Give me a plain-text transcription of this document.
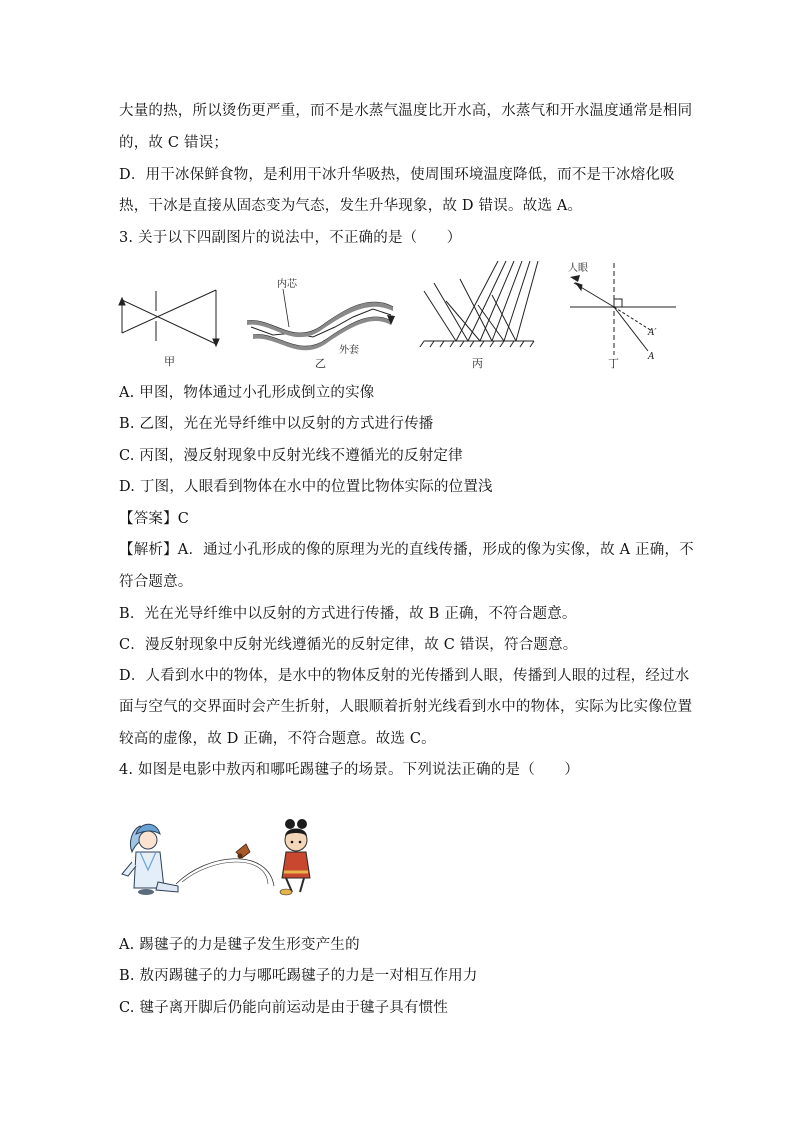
大量的热，所以烫伤更严重，而不是水蒸气温度比开水高，水蒸气和开水温度通常是相同
的，故 C 错误；
D．用干冰保鲜食物，是利用干冰升华吸热，使周围环境温度降低，而不是干冰熔化吸
热，干冰是直接从固态变为气态，发生升华现象，故 D 错误。故选 A。
3. 关于以下四副图片的说法中，不正确的是（　　）
甲
内芯
外套
乙	丙
人眼
A′
A
丁
A. 甲图，物体通过小孔形成倒立的实像
B. 乙图，光在光导纤维中以反射的方式进行传播
C. 丙图，漫反射现象中反射光线不遵循光的反射定律
D. 丁图，人眼看到物体在水中的位置比物体实际的位置浅
【答案】C
【解析】A．通过小孔形成的像的原理为光的直线传播，形成的像为实像，故 A 正确，不
符合题意。
B．光在光导纤维中以反射的方式进行传播，故 B 正确，不符合题意。
C．漫反射现象中反射光线遵循光的反射定律，故 C 错误，符合题意。
D．人看到水中的物体，是水中的物体反射的光传播到人眼，传播到人眼的过程，经过水
面与空气的交界面时会产生折射，人眼顺着折射光线看到水中的物体，实际为比实像位置
较高的虚像，故 D 正确，不符合题意。故选 C。
4. 如图是电影中敖丙和哪吒踢毽子的场景。下列说法正确的是（　　）
A. 踢毽子的力是毽子发生形变产生的
B. 敖丙踢毽子的力与哪吒踢毽子的力是一对相互作用力
C. 毽子离开脚后仍能向前运动是由于毽子具有惯性
